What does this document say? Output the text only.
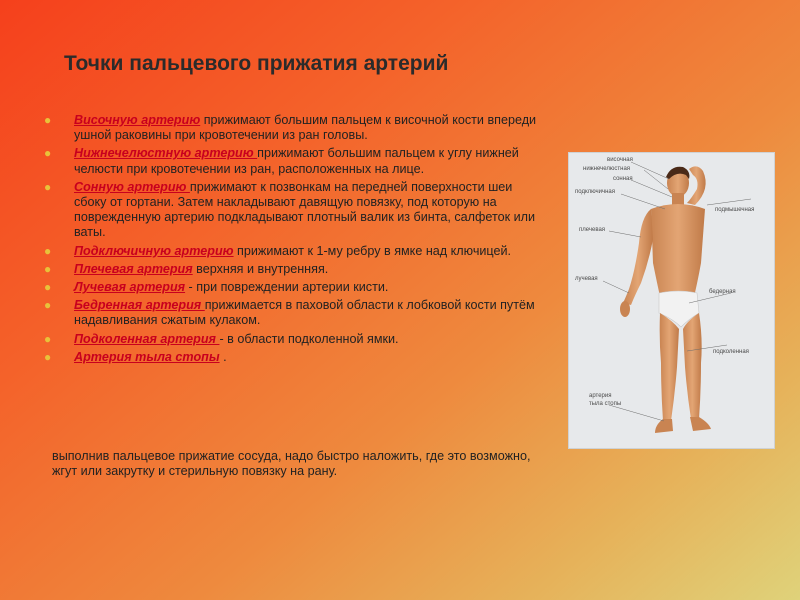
Точки пальцевого прижатия артерий
● Височную артерию прижимают большим пальцем к височной кости впереди ушной раковины при кровотечении из ран головы.
● Нижнечелюстную артерию прижимают большим пальцем к углу нижней челюсти при кровотечении из ран, расположенных на лице.
● Сонную артерию прижимают к позвонкам на передней поверхности шеи сбоку от гортани. Затем накладывают давящую повязку, под которую на поврежденную артерию подкладывают плотный валик из бинта, салфеток или ваты.
● Подключичную артерию прижимают к 1-му ребру в ямке над ключицей.
● Плечевая артерия верхняя и внутренняя.
● Лучевая артерия - при повреждении артерии кисти.
● Бедренная артерия прижимается в паховой области к лобковой кости путём надавливания сжатым кулаком.
● Подколенная артерия - в области подколенной ямки.
● Артерия тыла стопы .
выполнив пальцевое прижатие сосуда, надо быстро наложить, где это возможно, жгут или закрутку и стерильную повязку на рану.
височная
нижнечелюстная
сонная
подключичная
плечевая
лучевая
подмышечная
бедерная
подколенная
артерия
тыла стопы
